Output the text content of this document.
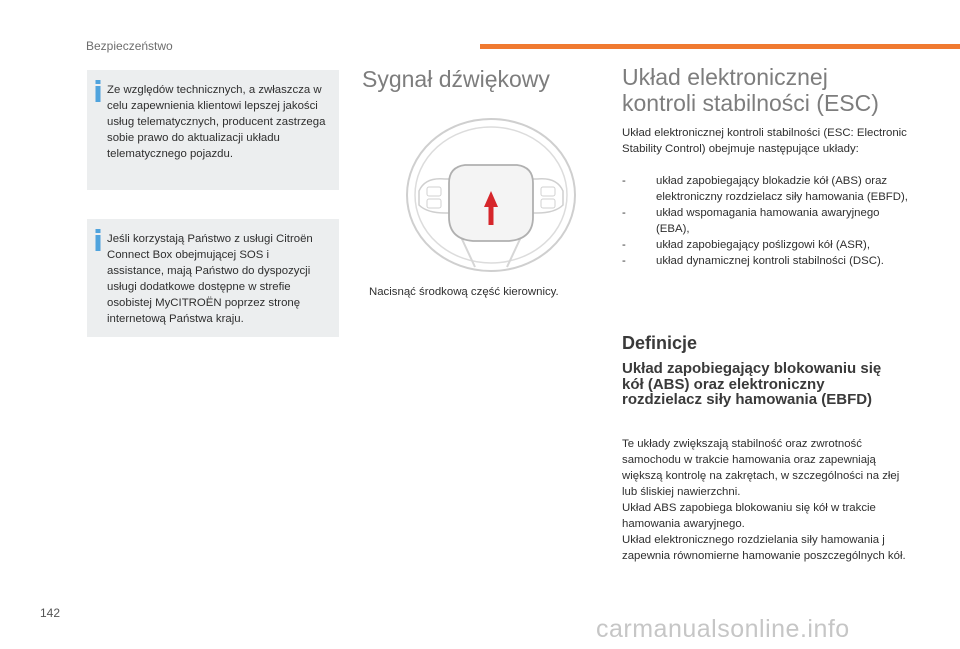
Bezpieczeństwo
Ze względów technicznych, a zwłaszcza w celu zapewnienia klientowi lepszej jakości usług telematycznych, producent zastrzega sobie prawo do aktualizacji układu telematycznego pojazdu.
Jeśli korzystają Państwo z usługi Citroën Connect Box obejmującej SOS i assistance, mają Państwo do dyspozycji usługi dodatkowe dostępne w strefie osobistej MyCITROËN poprzez stronę internetową Państwa kraju.
Sygnał dźwiękowy
Nacisnąć środkową część kierownicy.
Układ elektronicznej
kontroli stabilności (ESC)
Układ elektronicznej kontroli stabilności (ESC: Electronic Stability Control) obejmuje następujące układy:
-	układ zapobiegający blokadzie kół (ABS) oraz elektroniczny rozdzielacz siły hamowania (EBFD),
-	układ wspomagania hamowania awaryjnego (EBA),
-	układ zapobiegający poślizgowi kół (ASR),
-	układ dynamicznej kontroli stabilności (DSC).
Definicje
Układ zapobiegający blokowaniu się kół (ABS) oraz elektroniczny rozdzielacz siły hamowania (EBFD)
Te układy zwiększają stabilność oraz zwrotność samochodu w trakcie hamowania oraz zapewniają większą kontrolę na zakrętach, w szczególności na złej lub śliskiej nawierzchni.
Układ ABS zapobiega blokowaniu się kół w trakcie hamowania awaryjnego.
Układ elektronicznego rozdzielania siły hamowania j zapewnia równomierne hamowanie poszczególnych kół.
142
carmanualsonline.info
